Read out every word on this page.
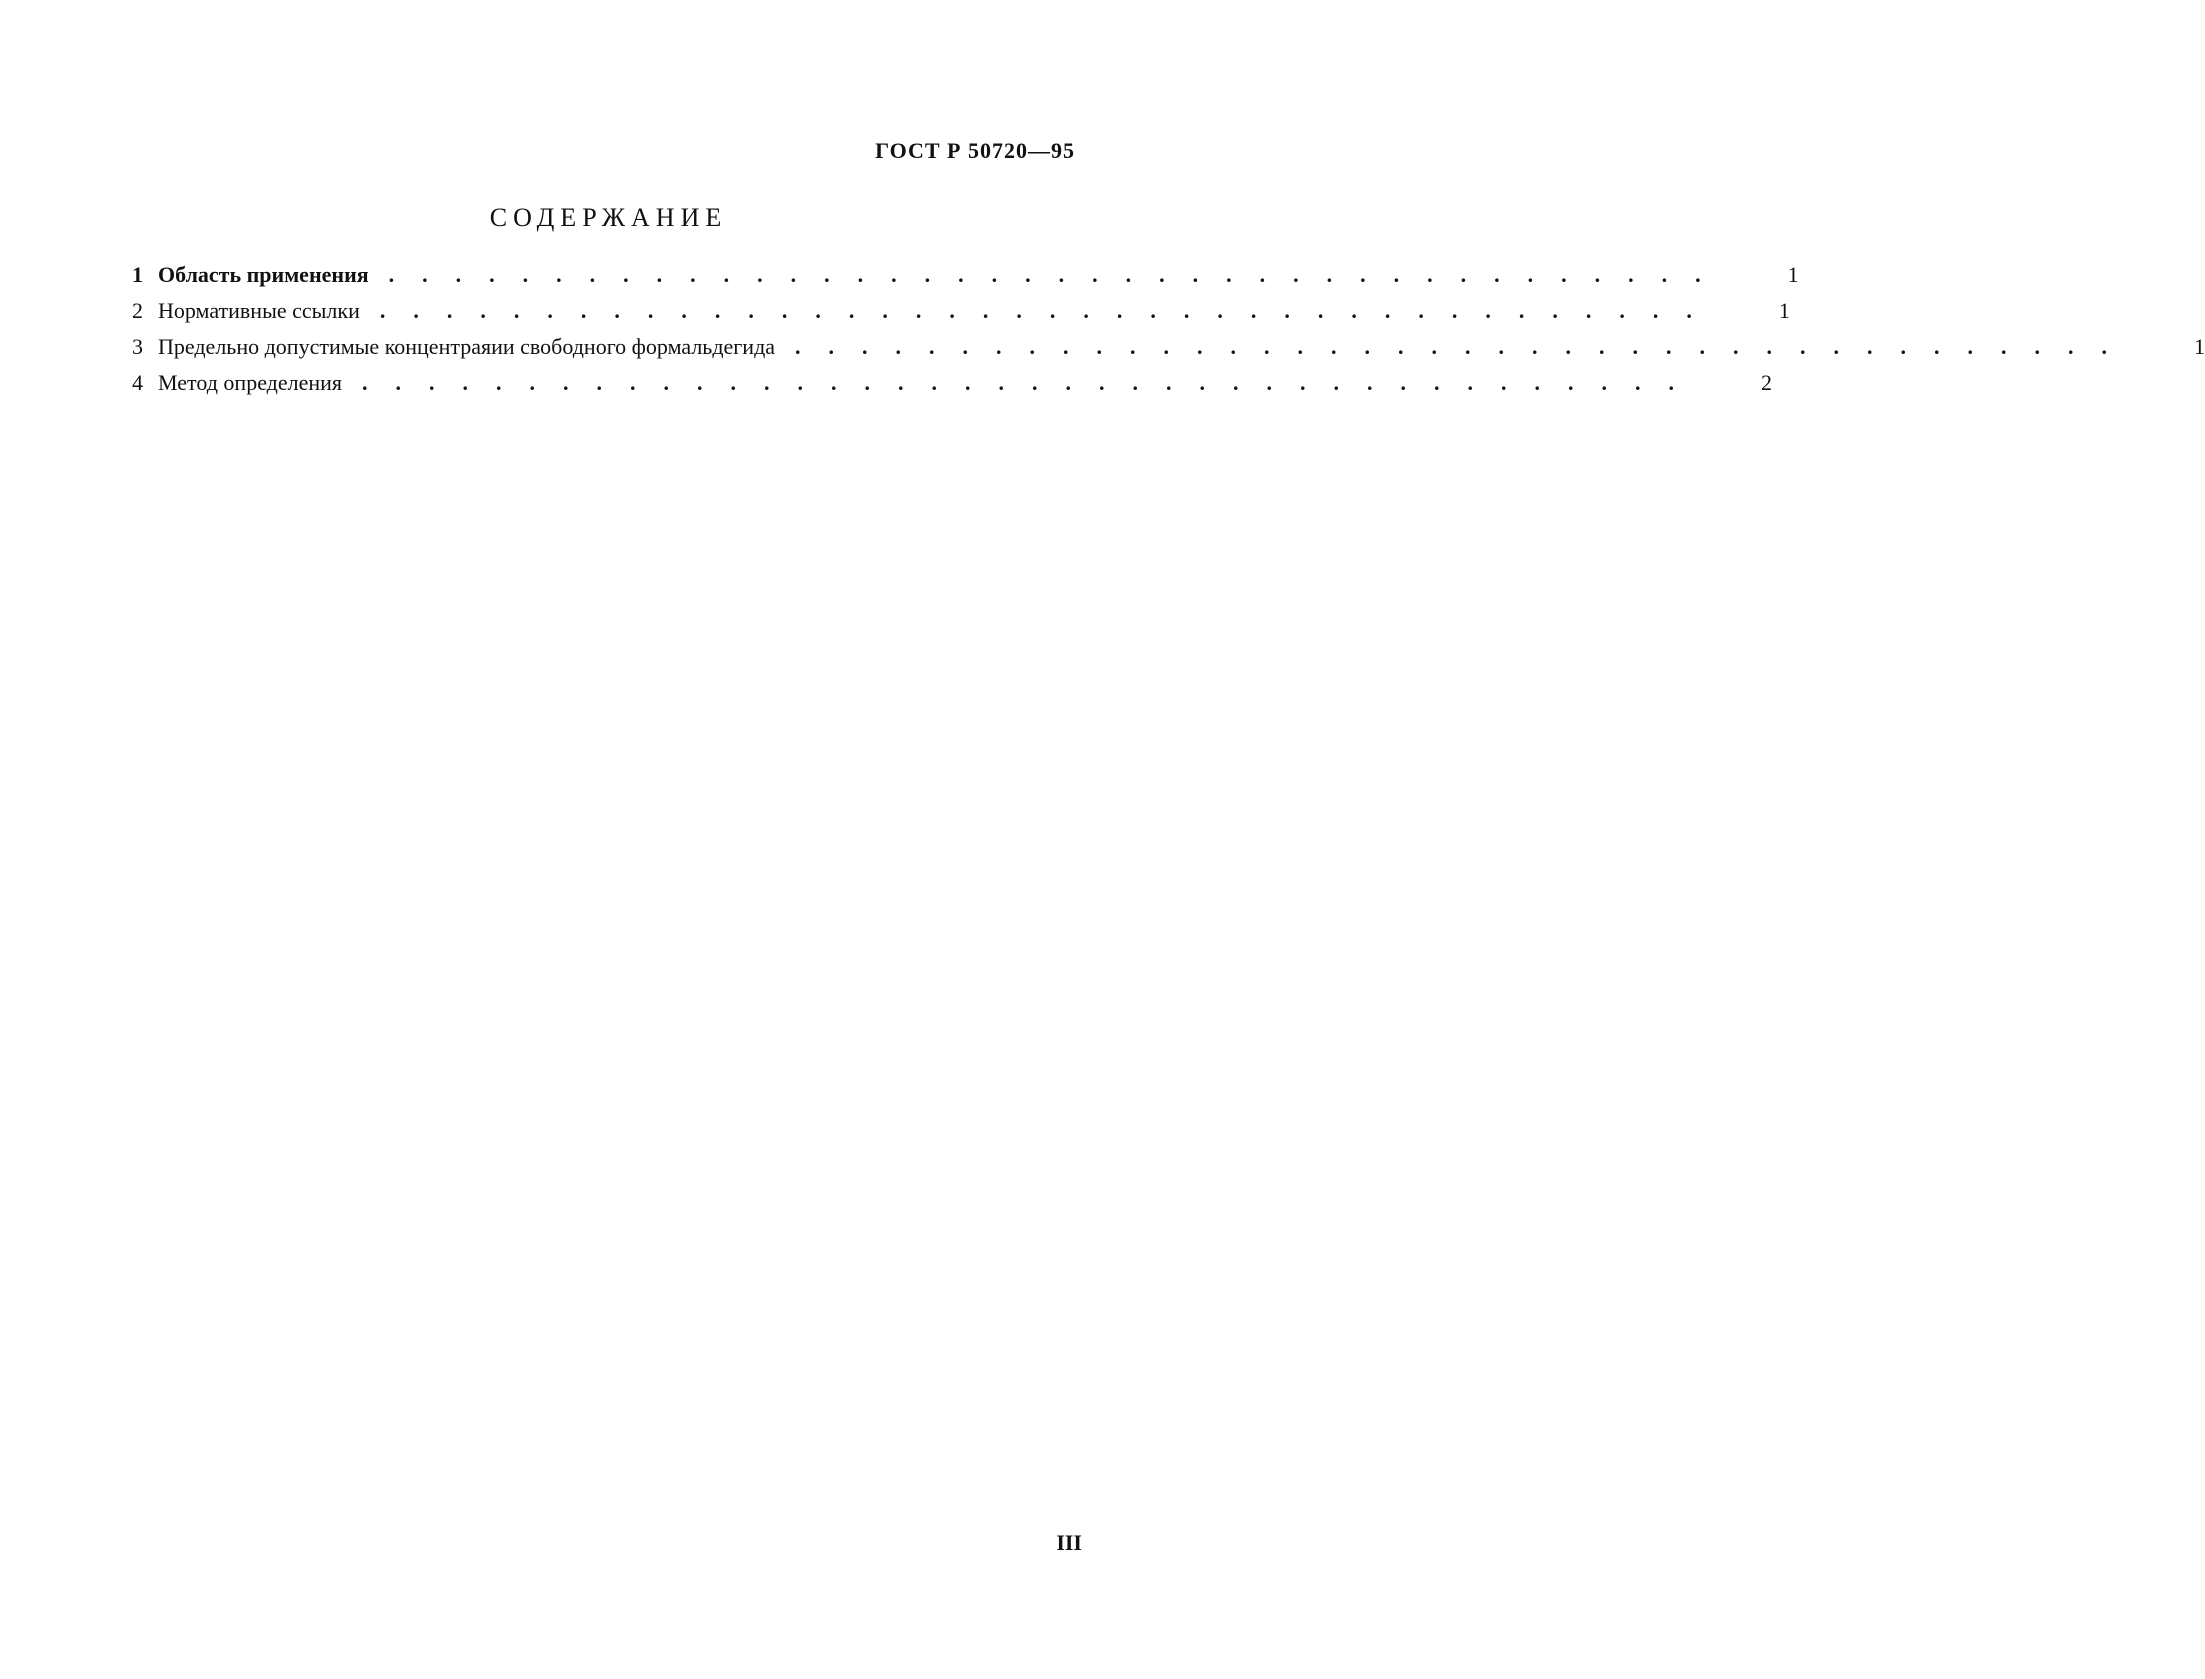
ГОСТ Р 50720—95
СОДЕРЖАНИЕ
1 Область применения ........................................	1
2 Нормативные ссылки ........................................	1
3 Предельно допустимые концентраяии свободного формальдегида ........................................	1
4 Метод определения ........................................	2
III
